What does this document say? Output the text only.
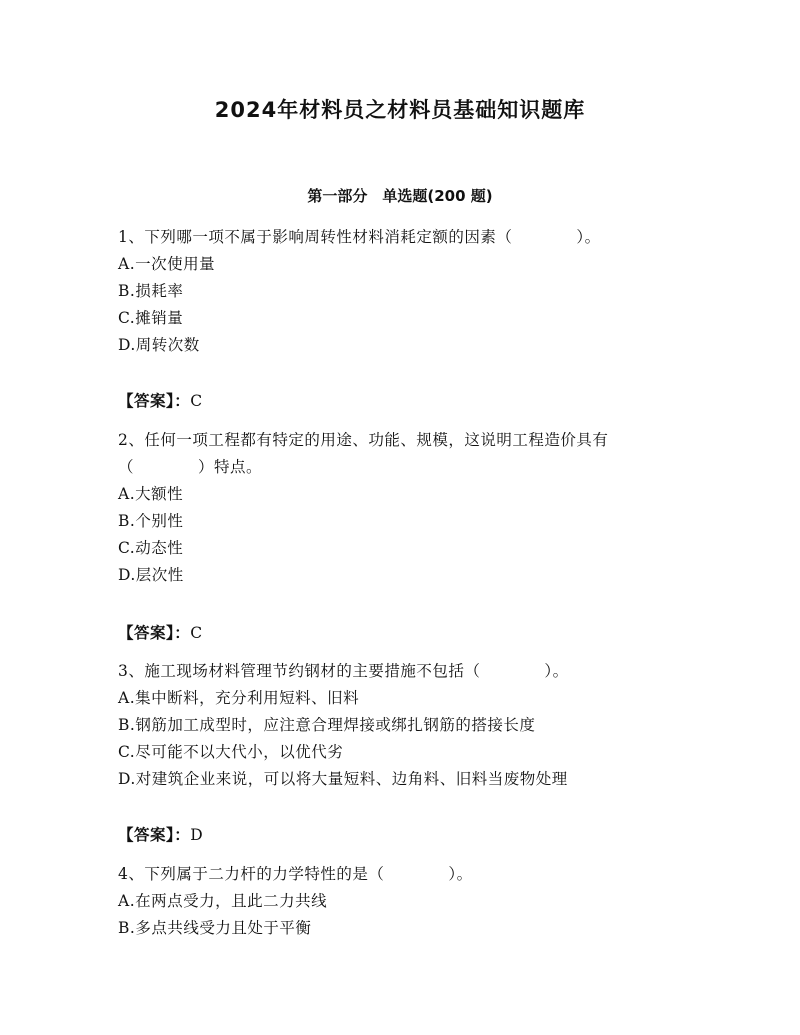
2024年材料员之材料员基础知识题库
第一部分　单选题(200 题)
1、下列哪一项不属于影响周转性材料消耗定额的因素（　　　　）。
A.一次使用量
B.损耗率
C.摊销量
D.周转次数
【答案】：C
2、任何一项工程都有特定的用途、功能、规模，这说明工程造价具有（　　　　）特点。
A.大额性
B.个别性
C.动态性
D.层次性
【答案】：C
3、施工现场材料管理节约钢材的主要措施不包括（　　　　）。
A.集中断料，充分利用短料、旧料
B.钢筋加工成型时，应注意合理焊接或绑扎钢筋的搭接长度
C.尽可能不以大代小，以优代劣
D.对建筑企业来说，可以将大量短料、边角料、旧料当废物处理
【答案】：D
4、下列属于二力杆的力学特性的是（　　　　）。
A.在两点受力，且此二力共线
B.多点共线受力且处于平衡
